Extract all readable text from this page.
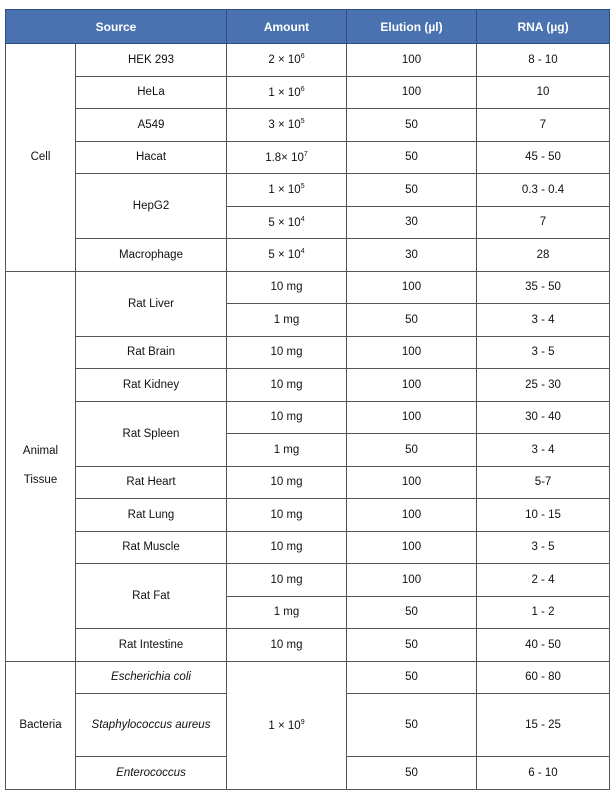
Source		Amount	Elution (µl)	RNA (µg)
Cell	HEK 293	$2 \times 10^6$	100	8 - 10
	HeLa	$1 \times 10^6$	100	10
	A549	$3 \times 10^5$	50	7
	Hacat	$1.8\times 10^7$	50	45 - 50
	HepG2	$1 \times 10^5$	50	0.3 - 0.4
		$5 \times 10^4$	30	7
	Macrophage	$5 \times 10^4$	30	28

Animal
Tissue	Rat Liver	10 mg	100	35 - 50
		1 mg	50	3 - 4
	Rat Brain	10 mg	100	3 - 5
	Rat Kidney	10 mg	100	25 - 30
	Rat Spleen	10 mg	100	30 - 40
		1 mg	50	3 - 4
	Rat Heart	10 mg	100	5-7
	Rat Lung	10 mg	100	10 - 15
	Rat Muscle	10 mg	100	3 - 5
	Rat Fat	10 mg	100	2 - 4
		1 mg	50	1 - 2
	Rat Intestine	10 mg	50	40 - 50
Bacteria	Escherichia coli	$1 \times 10^9$	50	60 - 80
	Staphylococcus aureus		50	15 - 25
	Enterococcus		50	6 - 10
